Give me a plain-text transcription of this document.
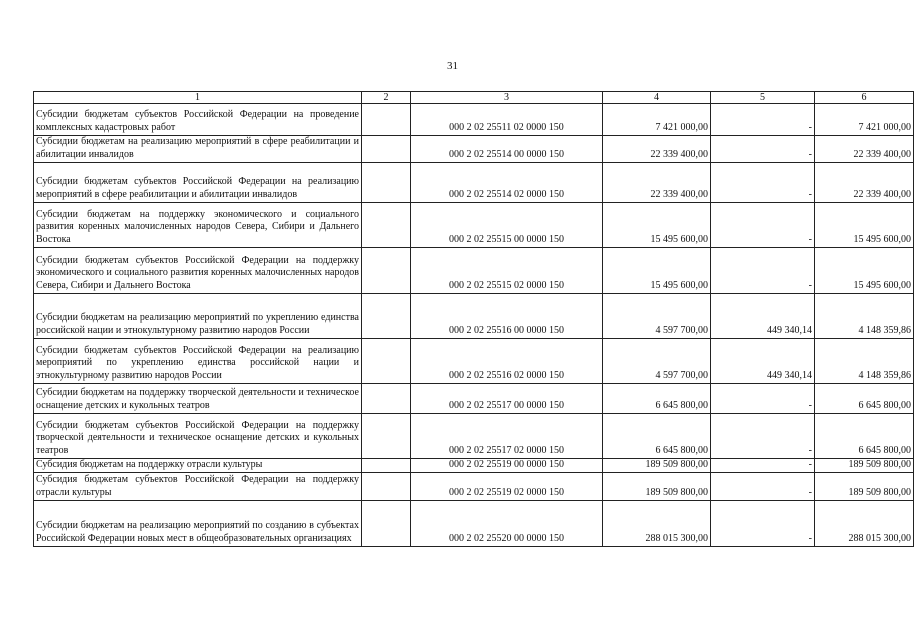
31
1	2	3	4	5	6
Субсидии бюджетам субъектов Российской Федерации на проведение комплексных кадастровых работ		000 2 02 25511 02 0000 150	7 421 000,00	-	7 421 000,00
Субсидии бюджетам на реализацию мероприятий в сфере реабилитации и абилитации инвалидов		000 2 02 25514 00 0000 150	22 339 400,00	-	22 339 400,00
Субсидии бюджетам субъектов Российской Федерации на реализацию мероприятий в сфере реабилитации и абилитации инвалидов		000 2 02 25514 02 0000 150	22 339 400,00	-	22 339 400,00
Субсидии бюджетам на поддержку экономического и социального развития коренных малочисленных народов Севера, Сибири и Дальнего Востока		000 2 02 25515 00 0000 150	15 495 600,00	-	15 495 600,00
Субсидии бюджетам субъектов Российской Федерации на поддержку экономического и социального развития коренных малочисленных народов Севера, Сибири и Дальнего Востока		000 2 02 25515 02 0000 150	15 495 600,00	-	15 495 600,00
Субсидии бюджетам на реализацию мероприятий по укреплению единства российской нации и этнокультурному развитию народов России		000 2 02 25516 00 0000 150	4 597 700,00	449 340,14	4 148 359,86
Субсидии бюджетам субъектов Российской Федерации на реализацию мероприятий по укреплению единства российской нации и этнокультурному развитию народов России		000 2 02 25516 02 0000 150	4 597 700,00	449 340,14	4 148 359,86
Субсидии бюджетам на поддержку творческой деятельности и техническое оснащение детских и кукольных театров		000 2 02 25517 00 0000 150	6 645 800,00	-	6 645 800,00
Субсидии бюджетам субъектов Российской Федерации на поддержку творческой деятельности и техническое оснащение детских и кукольных театров		000 2 02 25517 02 0000 150	6 645 800,00	-	6 645 800,00
Субсидия бюджетам на поддержку отрасли культуры		000 2 02 25519 00 0000 150	189 509 800,00	-	189 509 800,00
Субсидия бюджетам субъектов Российской Федерации на поддержку отрасли культуры		000 2 02 25519 02 0000 150	189 509 800,00	-	189 509 800,00
Субсидии бюджетам на реализацию мероприятий по созданию в субъектах Российской Федерации новых мест в общеобразовательных организациях		000 2 02 25520 00 0000 150	288 015 300,00	-	288 015 300,00
